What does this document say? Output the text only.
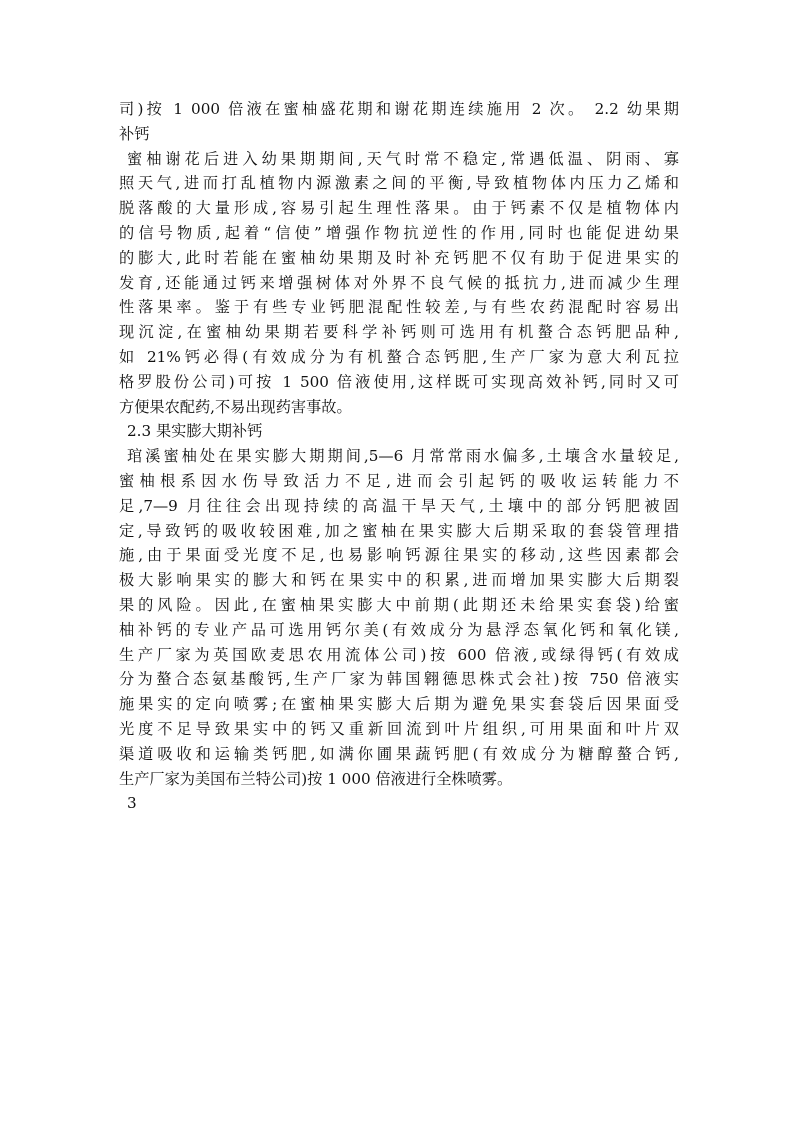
司)按 1 000 倍液在蜜柚盛花期和谢花期连续施用 2 次。 2.2 幼果期
补钙
蜜柚谢花后进入幼果期期间,天气时常不稳定,常遇低温、阴雨、寡
照天气,进而打乱植物内源激素之间的平衡,导致植物体内压力乙烯和
脱落酸的大量形成,容易引起生理性落果。由于钙素不仅是植物体内
的信号物质,起着“信使”增强作物抗逆性的作用,同时也能促进幼果
的膨大,此时若能在蜜柚幼果期及时补充钙肥不仅有助于促进果实的
发育,还能通过钙来增强树体对外界不良气候的抵抗力,进而减少生理
性落果率。鉴于有些专业钙肥混配性较差,与有些农药混配时容易出
现沉淀,在蜜柚幼果期若要科学补钙则可选用有机螯合态钙肥品种,
如 21%钙必得(有效成分为有机螯合态钙肥,生产厂家为意大利瓦拉
格罗股份公司)可按 1 500 倍液使用,这样既可实现高效补钙,同时又可
方便果农配药,不易出现药害事故。
2.3 果实膨大期补钙
琯溪蜜柚处在果实膨大期期间,5—6 月常常雨水偏多,土壤含水量较足,
蜜柚根系因水伤导致活力不足,进而会引起钙的吸收运转能力不
足,7—9 月往往会出现持续的高温干旱天气,土壤中的部分钙肥被固
定,导致钙的吸收较困难,加之蜜柚在果实膨大后期采取的套袋管理措
施,由于果面受光度不足,也易影响钙源往果实的移动,这些因素都会
极大影响果实的膨大和钙在果实中的积累,进而增加果实膨大后期裂
果的风险。因此,在蜜柚果实膨大中前期(此期还未给果实套袋)给蜜
柚补钙的专业产品可选用钙尔美(有效成分为悬浮态氧化钙和氧化镁,
生产厂家为英国欧麦思农用流体公司)按 600 倍液,或绿得钙(有效成
分为螯合态氨基酸钙,生产厂家为韩国翱德思株式会社)按 750 倍液实
施果实的定向喷雾;在蜜柚果实膨大后期为避免果实套袋后因果面受
光度不足导致果实中的钙又重新回流到叶片组织,可用果面和叶片双
渠道吸收和运输类钙肥,如满你圃果蔬钙肥(有效成分为糖醇螯合钙,
生产厂家为美国布兰特公司)按 1 000 倍液进行全株喷雾。
3
